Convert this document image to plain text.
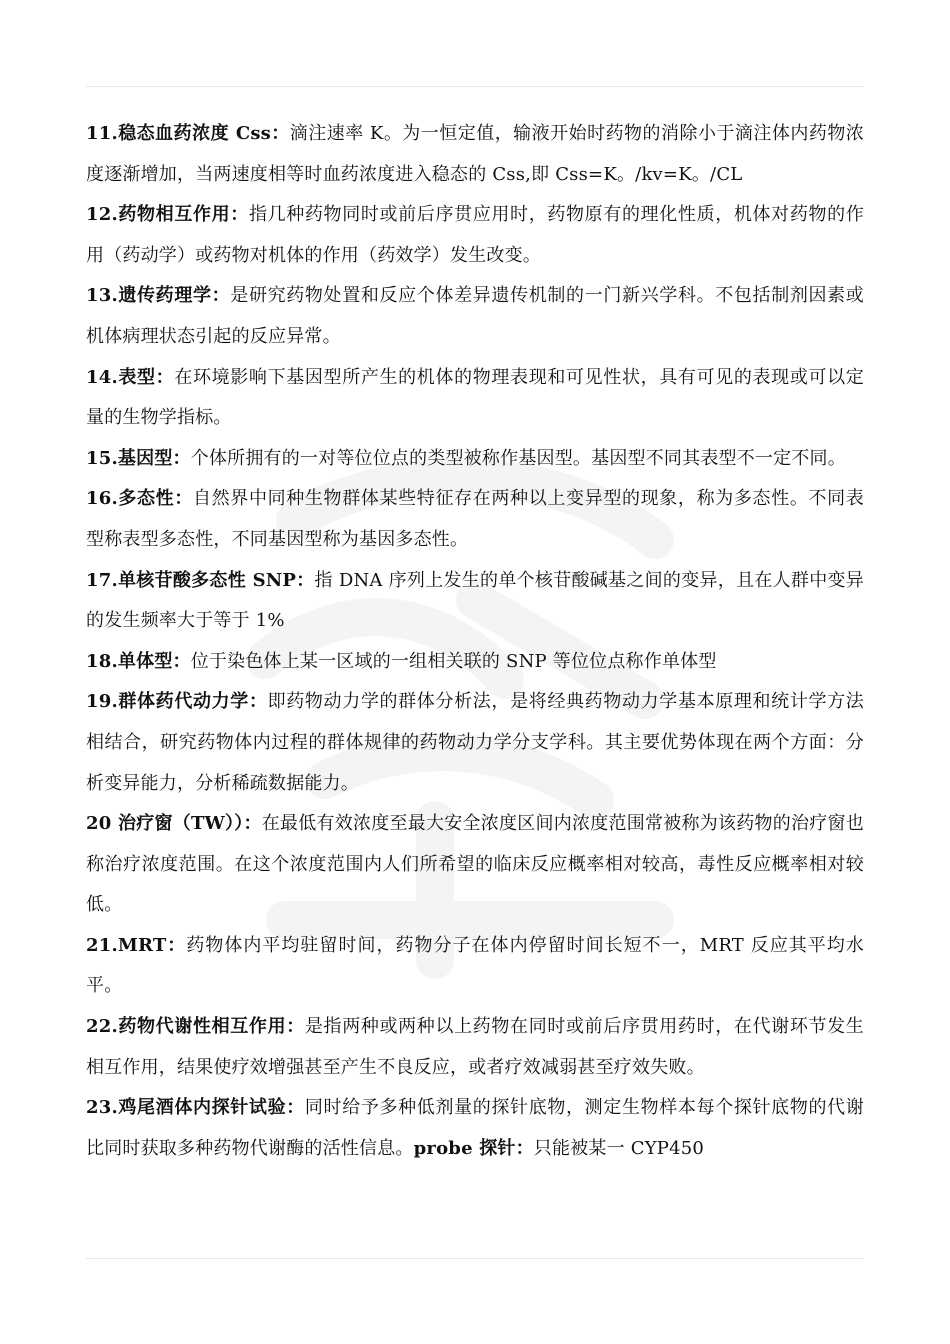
11.稳态血药浓度 Css：滴注速率 K。为一恒定值，输液开始时药物的消除小于滴注体内药物浓度逐渐增加，当两速度相等时血药浓度进入稳态的 Css,即 Css=K。/kv=K。/CL

12.药物相互作用：指几种药物同时或前后序贯应用时，药物原有的理化性质，机体对药物的作用（药动学）或药物对机体的作用（药效学）发生改变。

13.遗传药理学：是研究药物处置和反应个体差异遗传机制的一门新兴学科。不包括制剂因素或机体病理状态引起的反应异常。

14.表型：在环境影响下基因型所产生的机体的物理表现和可见性状，具有可见的表现或可以定量的生物学指标。

15.基因型：个体所拥有的一对等位位点的类型被称作基因型。基因型不同其表型不一定不同。

16.多态性：自然界中同种生物群体某些特征存在两种以上变异型的现象，称为多态性。不同表型称表型多态性，不同基因型称为基因多态性。

17.单核苷酸多态性 SNP：指 DNA 序列上发生的单个核苷酸碱基之间的变异，且在人群中变异的发生频率大于等于 1%

18.单体型：位于染色体上某一区域的一组相关联的 SNP 等位位点称作单体型

19.群体药代动力学：即药物动力学的群体分析法，是将经典药物动力学基本原理和统计学方法相结合，研究药物体内过程的群体规律的药物动力学分支学科。其主要优势体现在两个方面：分析变异能力，分析稀疏数据能力。

20 治疗窗（TW））：在最低有效浓度至最大安全浓度区间内浓度范围常被称为该药物的治疗窗也称治疗浓度范围。在这个浓度范围内人们所希望的临床反应概率相对较高，毒性反应概率相对较低。

21.MRT：药物体内平均驻留时间，药物分子在体内停留时间长短不一，MRT 反应其平均水平。

22.药物代谢性相互作用：是指两种或两种以上药物在同时或前后序贯用药时，在代谢环节发生相互作用，结果使疗效增强甚至产生不良反应，或者疗效减弱甚至疗效失败。

23.鸡尾酒体内探针试验：同时给予多种低剂量的探针底物，测定生物样本每个探针底物的代谢比同时获取多种药物代谢酶的活性信息。probe 探针：只能被某一 CYP450
